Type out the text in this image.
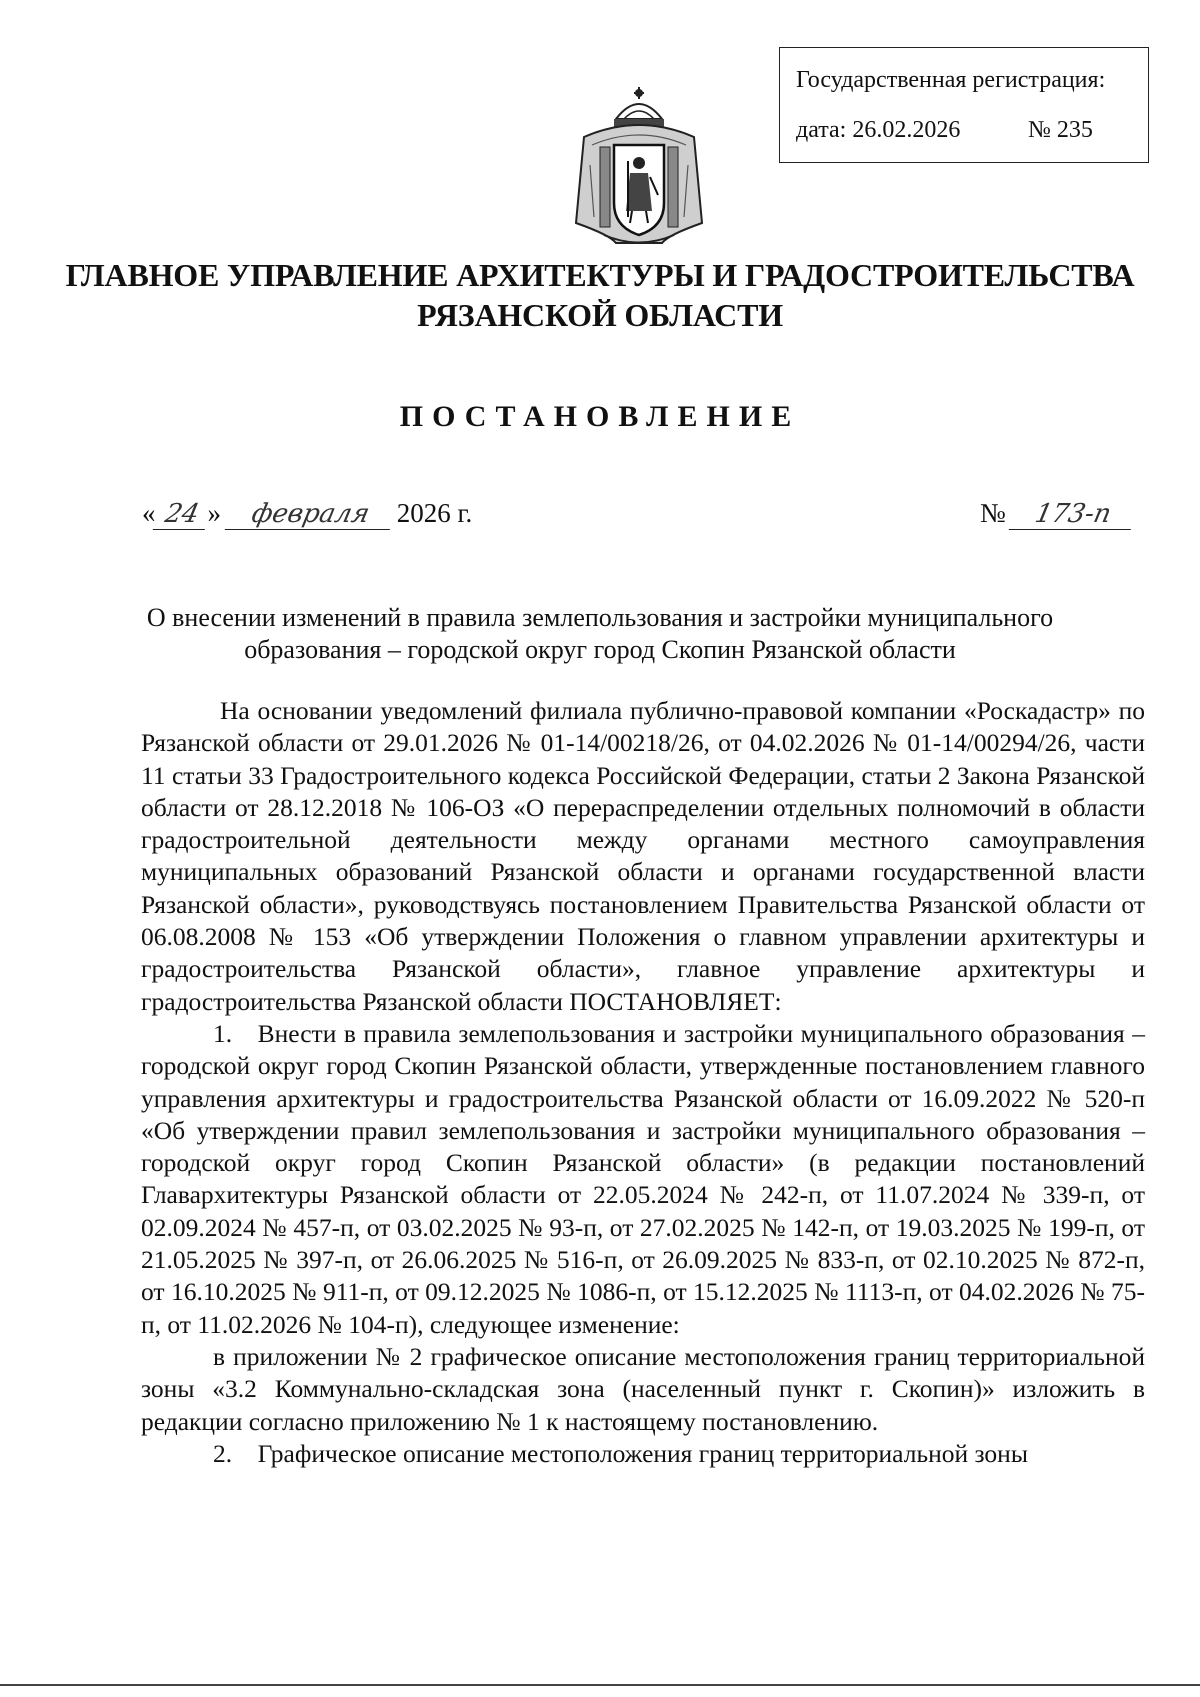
Государственная регистрация:
дата: 26.02.2026	№ 235
ГЛАВНОЕ УПРАВЛЕНИЕ АРХИТЕКТУРЫ И ГРАДОСТРОИТЕЛЬСТВА
РЯЗАНСКОЙ ОБЛАСТИ
ПОСТАНОВЛЕНИЕ
« 24 » февраля 2026 г.	№ 173-п
О внесении изменений в правила землепользования и застройки муниципального
образования – городской округ город Скопин Рязанской области

На основании уведомлений филиала публично-правовой компании «Роскадастр» по Рязанской области от 29.01.2026 № 01-14/00218/26, от 04.02.2026 № 01-14/00294/26, части 11 статьи 33 Градостроительного кодекса Российской Федерации, статьи 2 Закона Рязанской области от 28.12.2018 № 106-ОЗ «О перераспределении отдельных полномочий в области градостроительной деятельности между органами местного самоуправления муниципальных образований Рязанской области и органами государственной власти Рязанской области», руководствуясь постановлением Правительства Рязанской области от 06.08.2008 № 153 «Об утверждении Положения о главном управлении архитектуры и градостроительства Рязанской области», главное управление архитектуры и градостроительства Рязанской области ПОСТАНОВЛЯЕТ:

1. Внести в правила землепользования и застройки муниципального образования – городской округ город Скопин Рязанской области, утвержденные постановлением главного управления архитектуры и градостроительства Рязанской области от 16.09.2022 № 520-п «Об утверждении правил землепользования и застройки муниципального образования – городской округ город Скопин Рязанской области» (в редакции постановлений Главархитектуры Рязанской области от 22.05.2024 № 242-п, от 11.07.2024 № 339-п, от 02.09.2024 № 457-п, от 03.02.2025 № 93-п, от 27.02.2025 № 142-п, от 19.03.2025 № 199-п, от 21.05.2025 № 397-п, от 26.06.2025 № 516-п, от 26.09.2025 № 833-п, от 02.10.2025 № 872-п, от 16.10.2025 № 911-п, от 09.12.2025 № 1086-п, от 15.12.2025 № 1113-п, от 04.02.2026 № 75-п, от 11.02.2026 № 104-п), следующее изменение:

в приложении № 2 графическое описание местоположения границ территориальной зоны «3.2 Коммунально-складская зона (населенный пункт г. Скопин)» изложить в редакции согласно приложению № 1 к настоящему постановлению.

2. Графическое описание местоположения границ территориальной зоны
